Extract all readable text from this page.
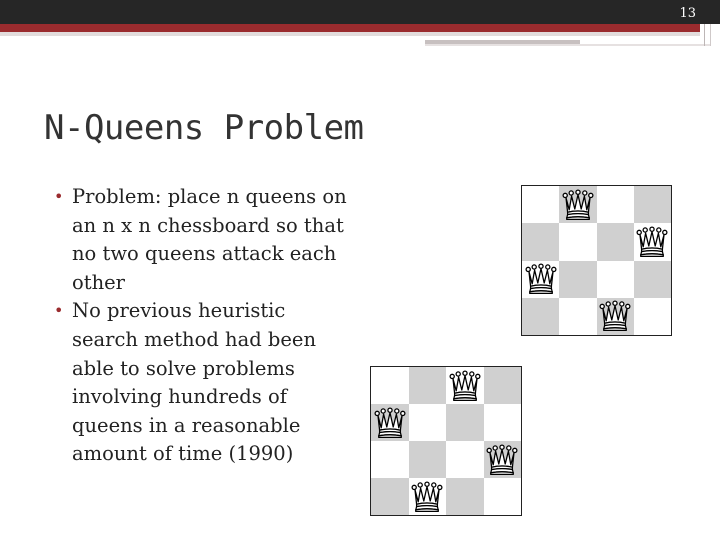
13
N-Queens Problem
• Problem: place n queens on an n x n chessboard so that no two queens attack each other
• No previous heuristic search method had been able to solve problems involving hundreds of queens in a reasonable amount of time (1990)
